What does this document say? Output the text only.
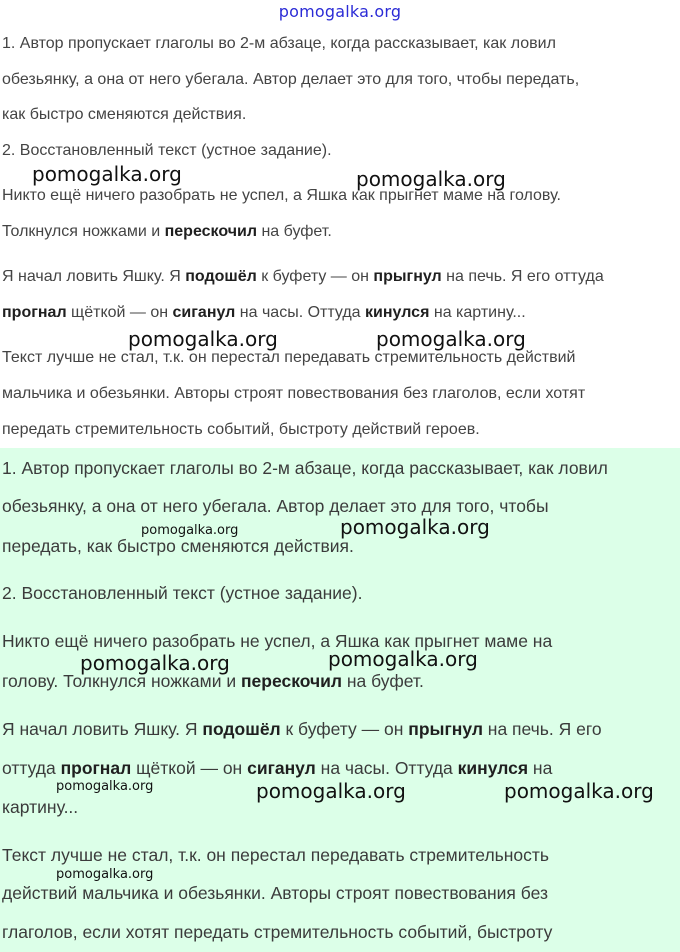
1. Автор пропускает глаголы во 2-м абзаце, когда рассказывает, как ловил

обезьянку, а она от него убегала. Автор делает это для того, чтобы передать,

как быстро сменяются действия.

2. Восстановленный текст (устное задание).

Никто ещё ничего разобрать не успел, а Яшка как прыгнет маме на голову.

Толкнулся ножками и перескочил на буфет.

Я начал ловить Яшку. Я подошёл к буфету — он прыгнул на печь. Я его оттуда

прогнал щёткой — он сиганул на часы. Оттуда кинулся на картину...

Текст лучше не стал, т.к. он перестал передавать стремительность действий

мальчика и обезьянки. Авторы строят повествования без глаголов, если хотят

передать стремительность событий, быстроту действий героев.

1. Автор пропускает глаголы во 2-м абзаце, когда рассказывает, как ловил

обезьянку, а она от него убегала. Автор делает это для того, чтобы

передать, как быстро сменяются действия.

2. Восстановленный текст (устное задание).

Никто ещё ничего разобрать не успел, а Яшка как прыгнет маме на

голову. Толкнулся ножками и перескочил на буфет.

Я начал ловить Яшку. Я подошёл к буфету — он прыгнул на печь. Я его

оттуда прогнал щёткой — он сиганул на часы. Оттуда кинулся на

картину...

Текст лучше не стал, т.к. он перестал передавать стремительность

действий мальчика и обезьянки. Авторы строят повествования без

глаголов, если хотят передать стремительность событий, быстроту

pomogalka.org
pomogalka.org	pomogalka.org
pomogalka.org	pomogalka.org
pomogalka.org	pomogalka.org
pomogalka.org	pomogalka.org
pomogalka.org	pomogalka.org	pomogalka.org
pomogalka.org
